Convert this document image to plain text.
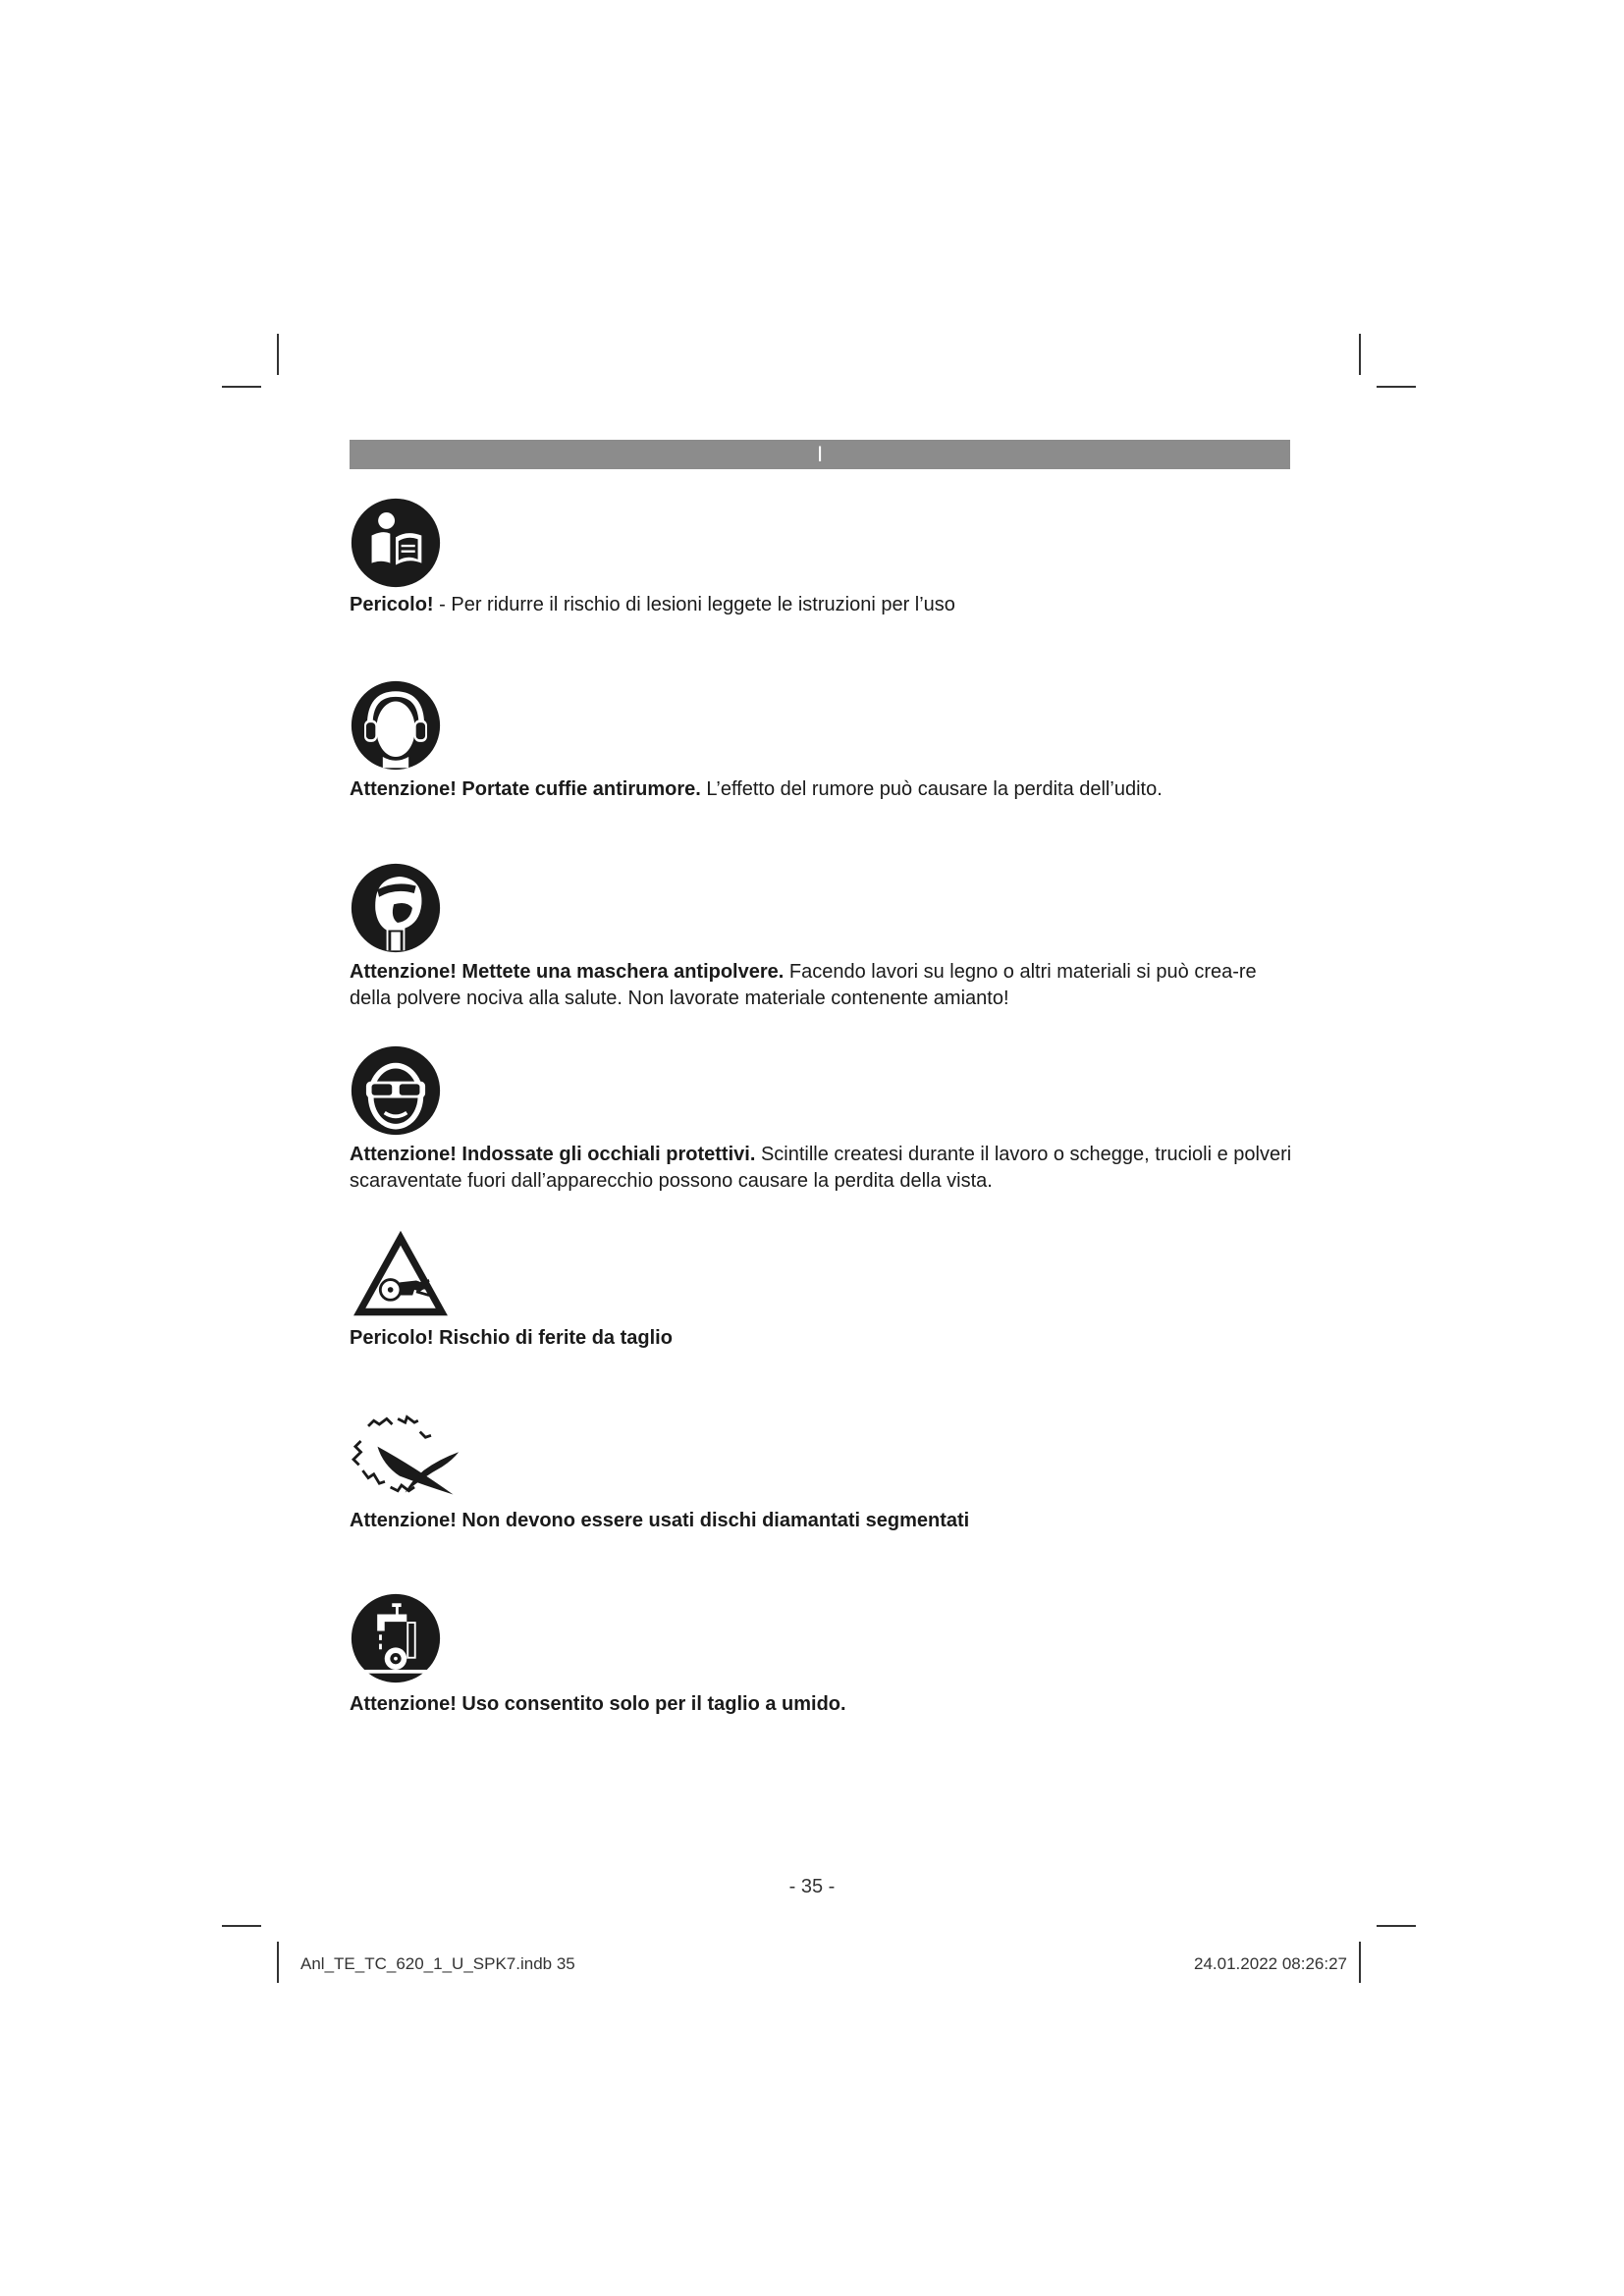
I

Pericolo! - Per ridurre il rischio di lesioni leggete le istruzioni per l’uso

Attenzione! Portate cuffie antirumore. L’effetto del rumore può causare la perdita dell’udito.

Attenzione! Mettete una maschera antipolvere. Facendo lavori su legno o altri materiali si può crea-re della polvere nociva alla salute. Non lavorate materiale contenente amianto!

Attenzione! Indossate gli occhiali protettivi. Scintille createsi durante il lavoro o schegge, trucioli e polveri scaraventate fuori dall’apparecchio possono causare la perdita della vista.

Pericolo! Rischio di ferite da taglio

Attenzione! Non devono essere usati dischi diamantati segmentati

Attenzione! Uso consentito solo per il taglio a umido.

- 35 -
Anl_TE_TC_620_1_U_SPK7.indb 35	24.01.2022 08:26:27
